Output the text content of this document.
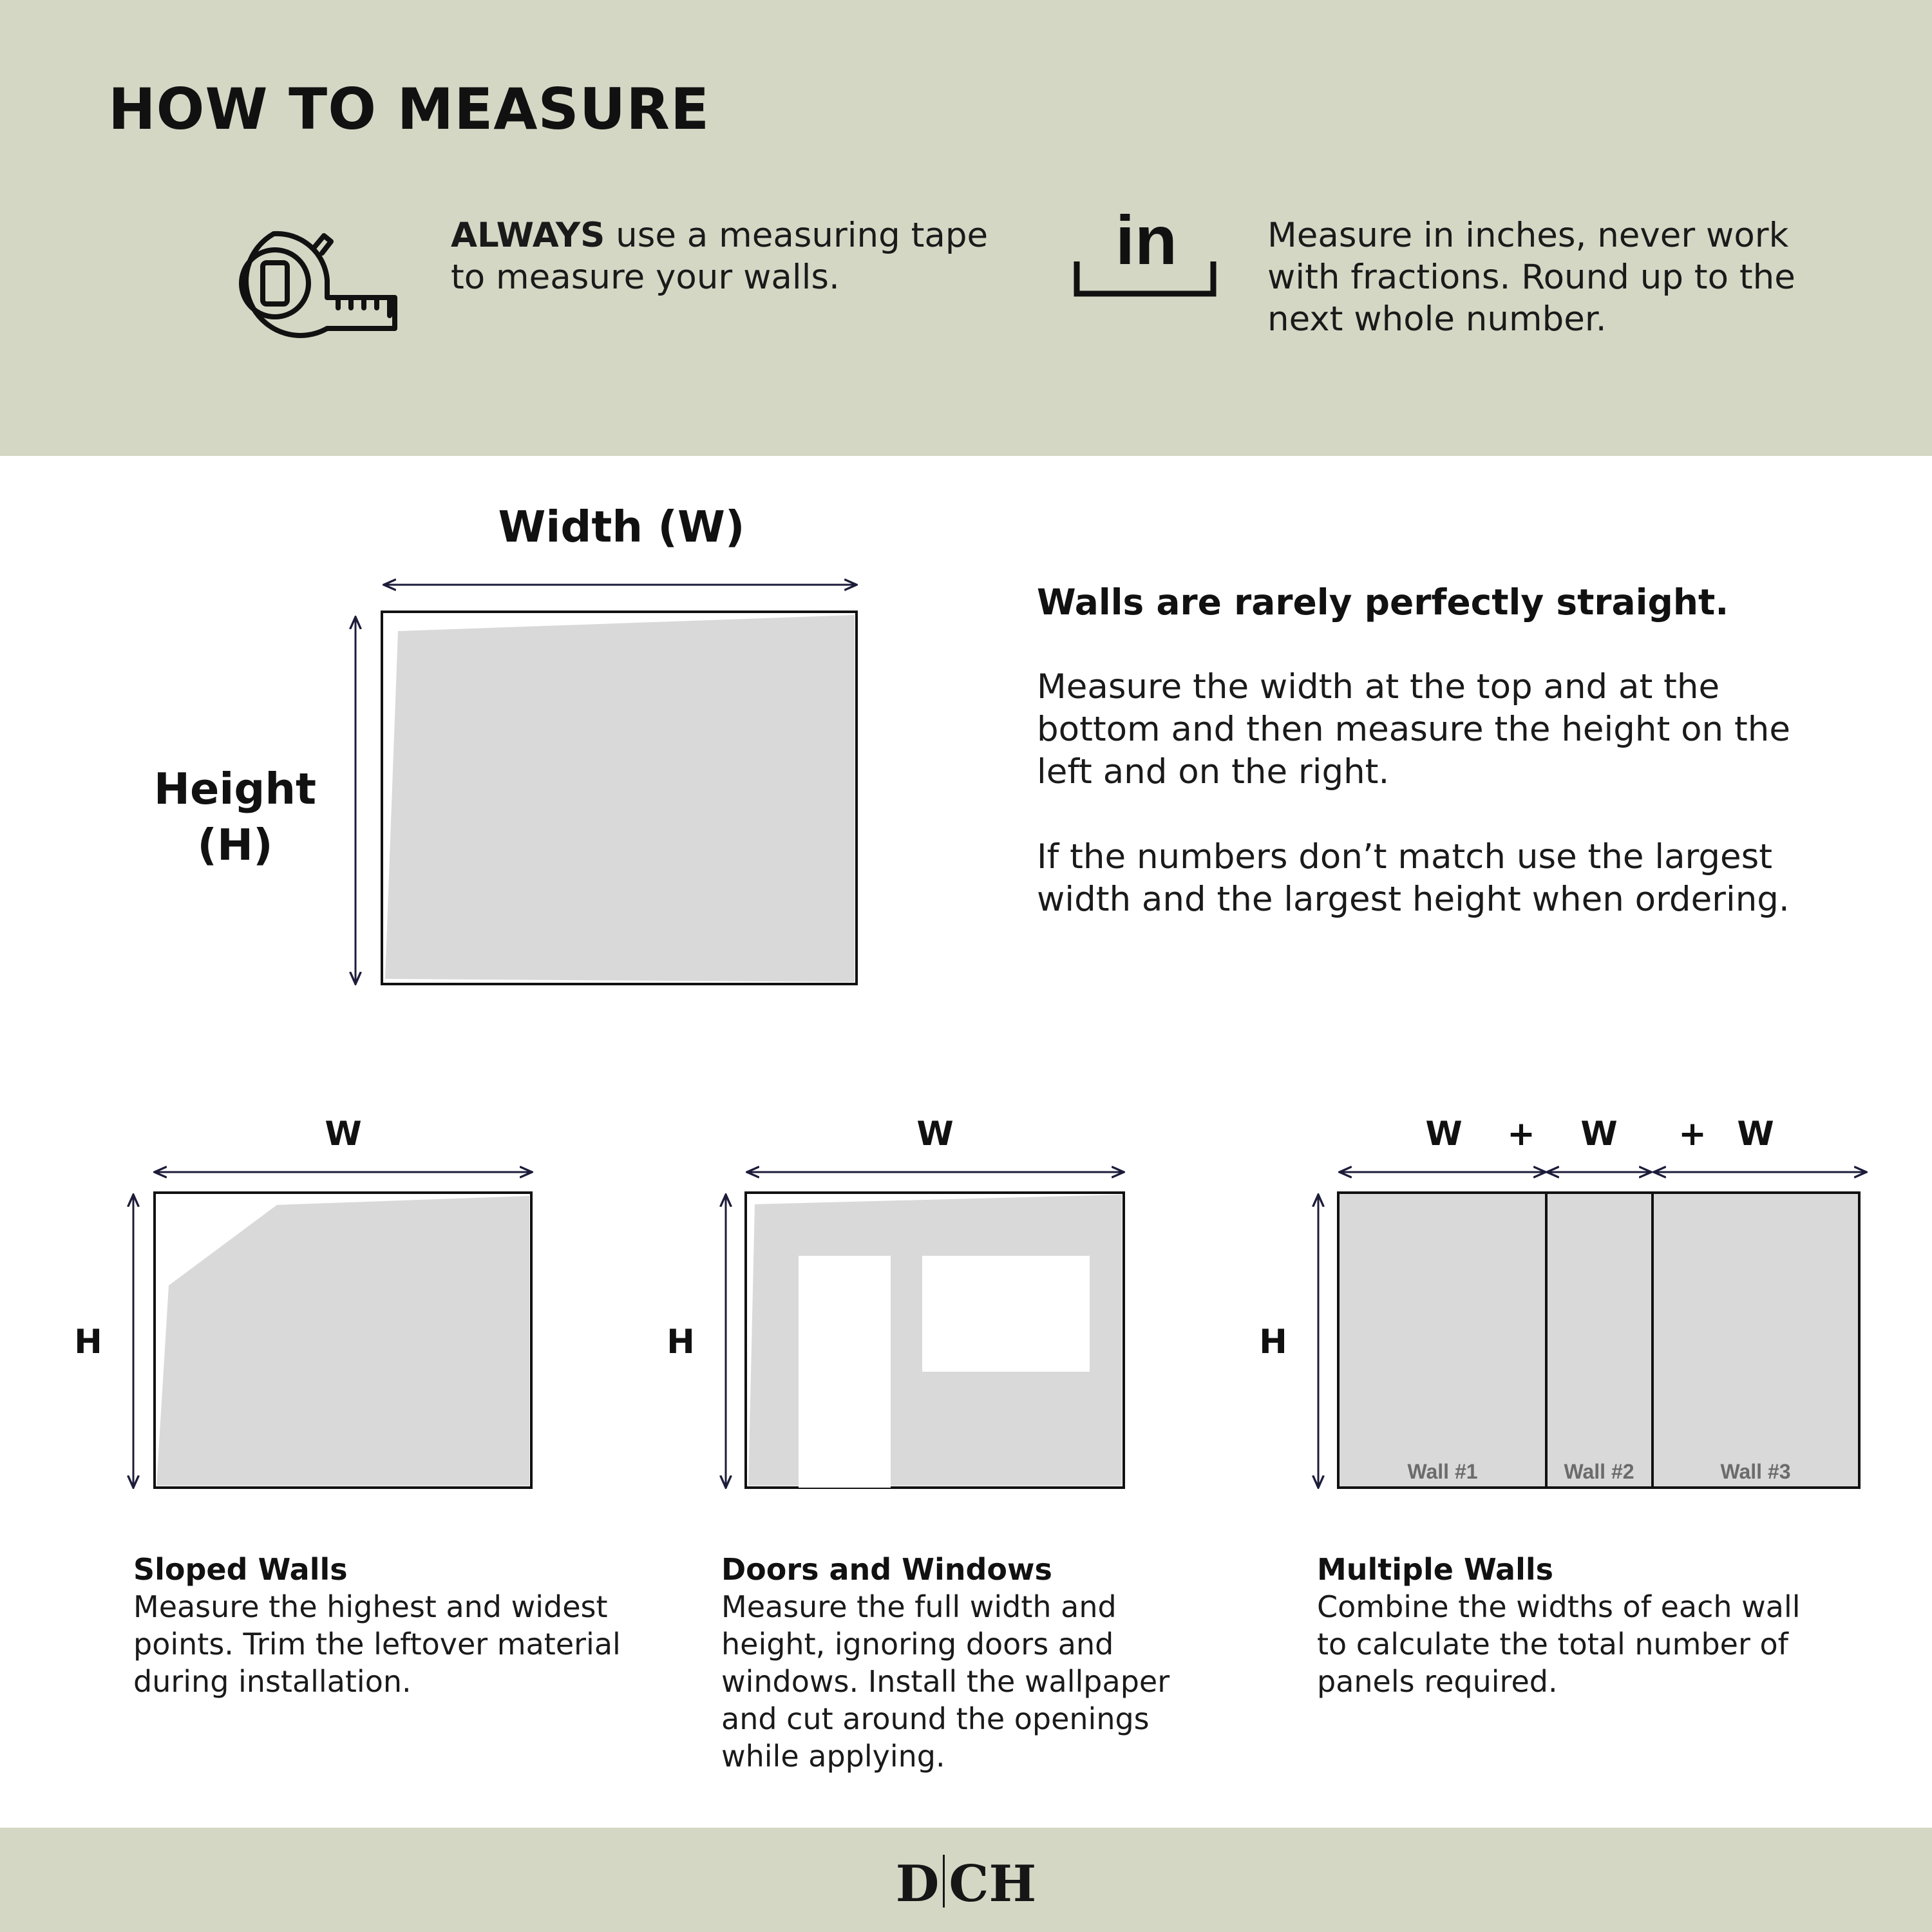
HOW TO MEASURE
in

ALWAYS use a measuring tape to measure your walls.

Measure in inches, never work with fractions. Round up to the next whole number.

Wall #1	Wall #2	Wall #3
Width (W)
Height (H)

Walls are rarely perfectly straight.

Measure the width at the top and at the bottom and then measure the height on the left and on the right.

If the numbers don’t match use the largest width and the largest height when ordering.

W
H
W
H
W	+	W	+ W
H
Sloped Walls
Measure the highest and widest points. Trim the leftover material during installation.
Doors and Windows
Measure the full width and height, ignoring doors and windows. Install the wallpaper and cut around the openings while applying.
Multiple Walls
Combine the widths of each wall to calculate the total number of panels required.
D CH
